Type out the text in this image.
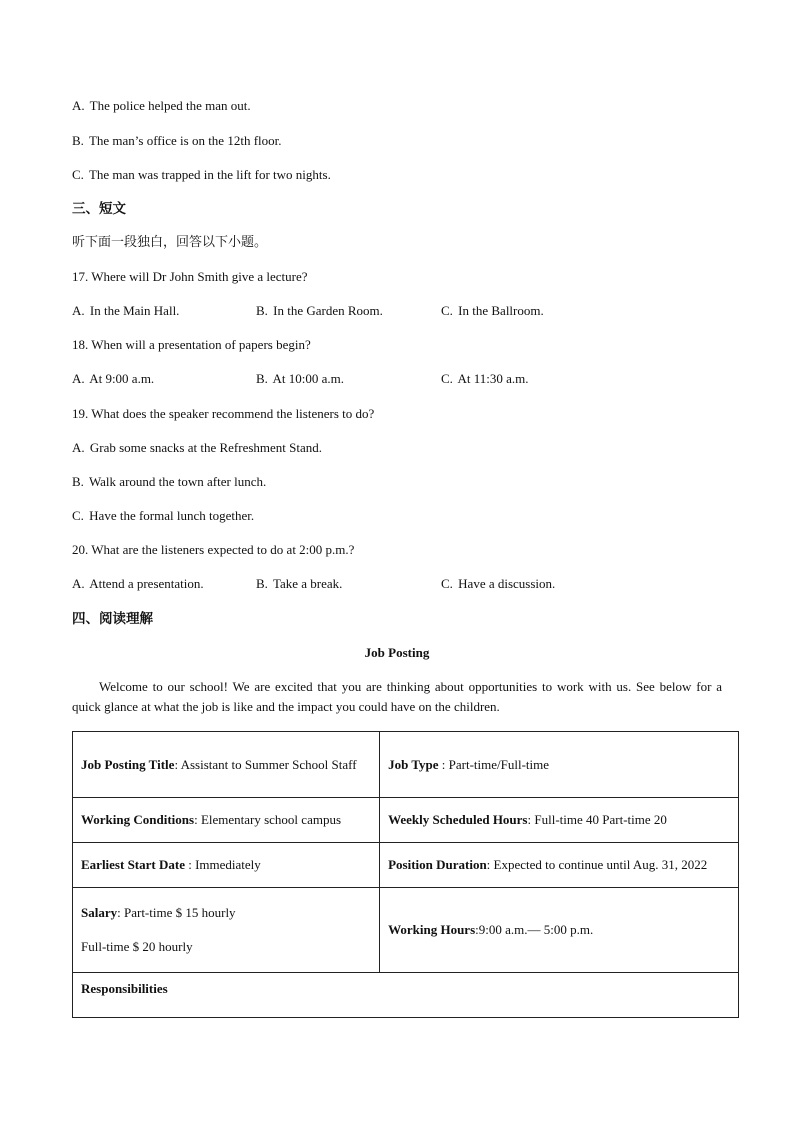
A. The police helped the man out.
B. The man’s office is on the 12th floor.
C. The man was trapped in the lift for two nights.
三、短文
听下面一段独白，回答以下小题。
17. Where will Dr John Smith give a lecture?
A. In the Main Hall.	B. In the Garden Room.	C. In the Ballroom.
18. When will a presentation of papers begin?
A. At 9:00 a.m.	B. At 10:00 a.m.	C. At 11:30 a.m.
19. What does the speaker recommend the listeners to do?
A. Grab some snacks at the Refreshment Stand.
B. Walk around the town after lunch.
C. Have the formal lunch together.
20. What are the listeners expected to do at 2:00 p.m.?
A. Attend a presentation.	B. Take a break.	C. Have a discussion.
四、阅读理解
Job Posting
Welcome to our school! We are excited that you are thinking about opportunities to work with us. See below for a quick glance at what the job is like and the impact you could have on the children.
Job Posting Title: Assistant to Summer School Staff	Job Type : Part-time/Full-time
Working Conditions: Elementary school campus	Weekly Scheduled Hours: Full-time 40 Part-time 20
Earliest Start Date : Immediately	Position Duration: Expected to continue until Aug. 31, 2022

Salary: Part-time $ 15 hourly
Full-time $ 20 hourly	Working Hours:9:00 a.m.— 5:00 p.m.
Responsibilities	
